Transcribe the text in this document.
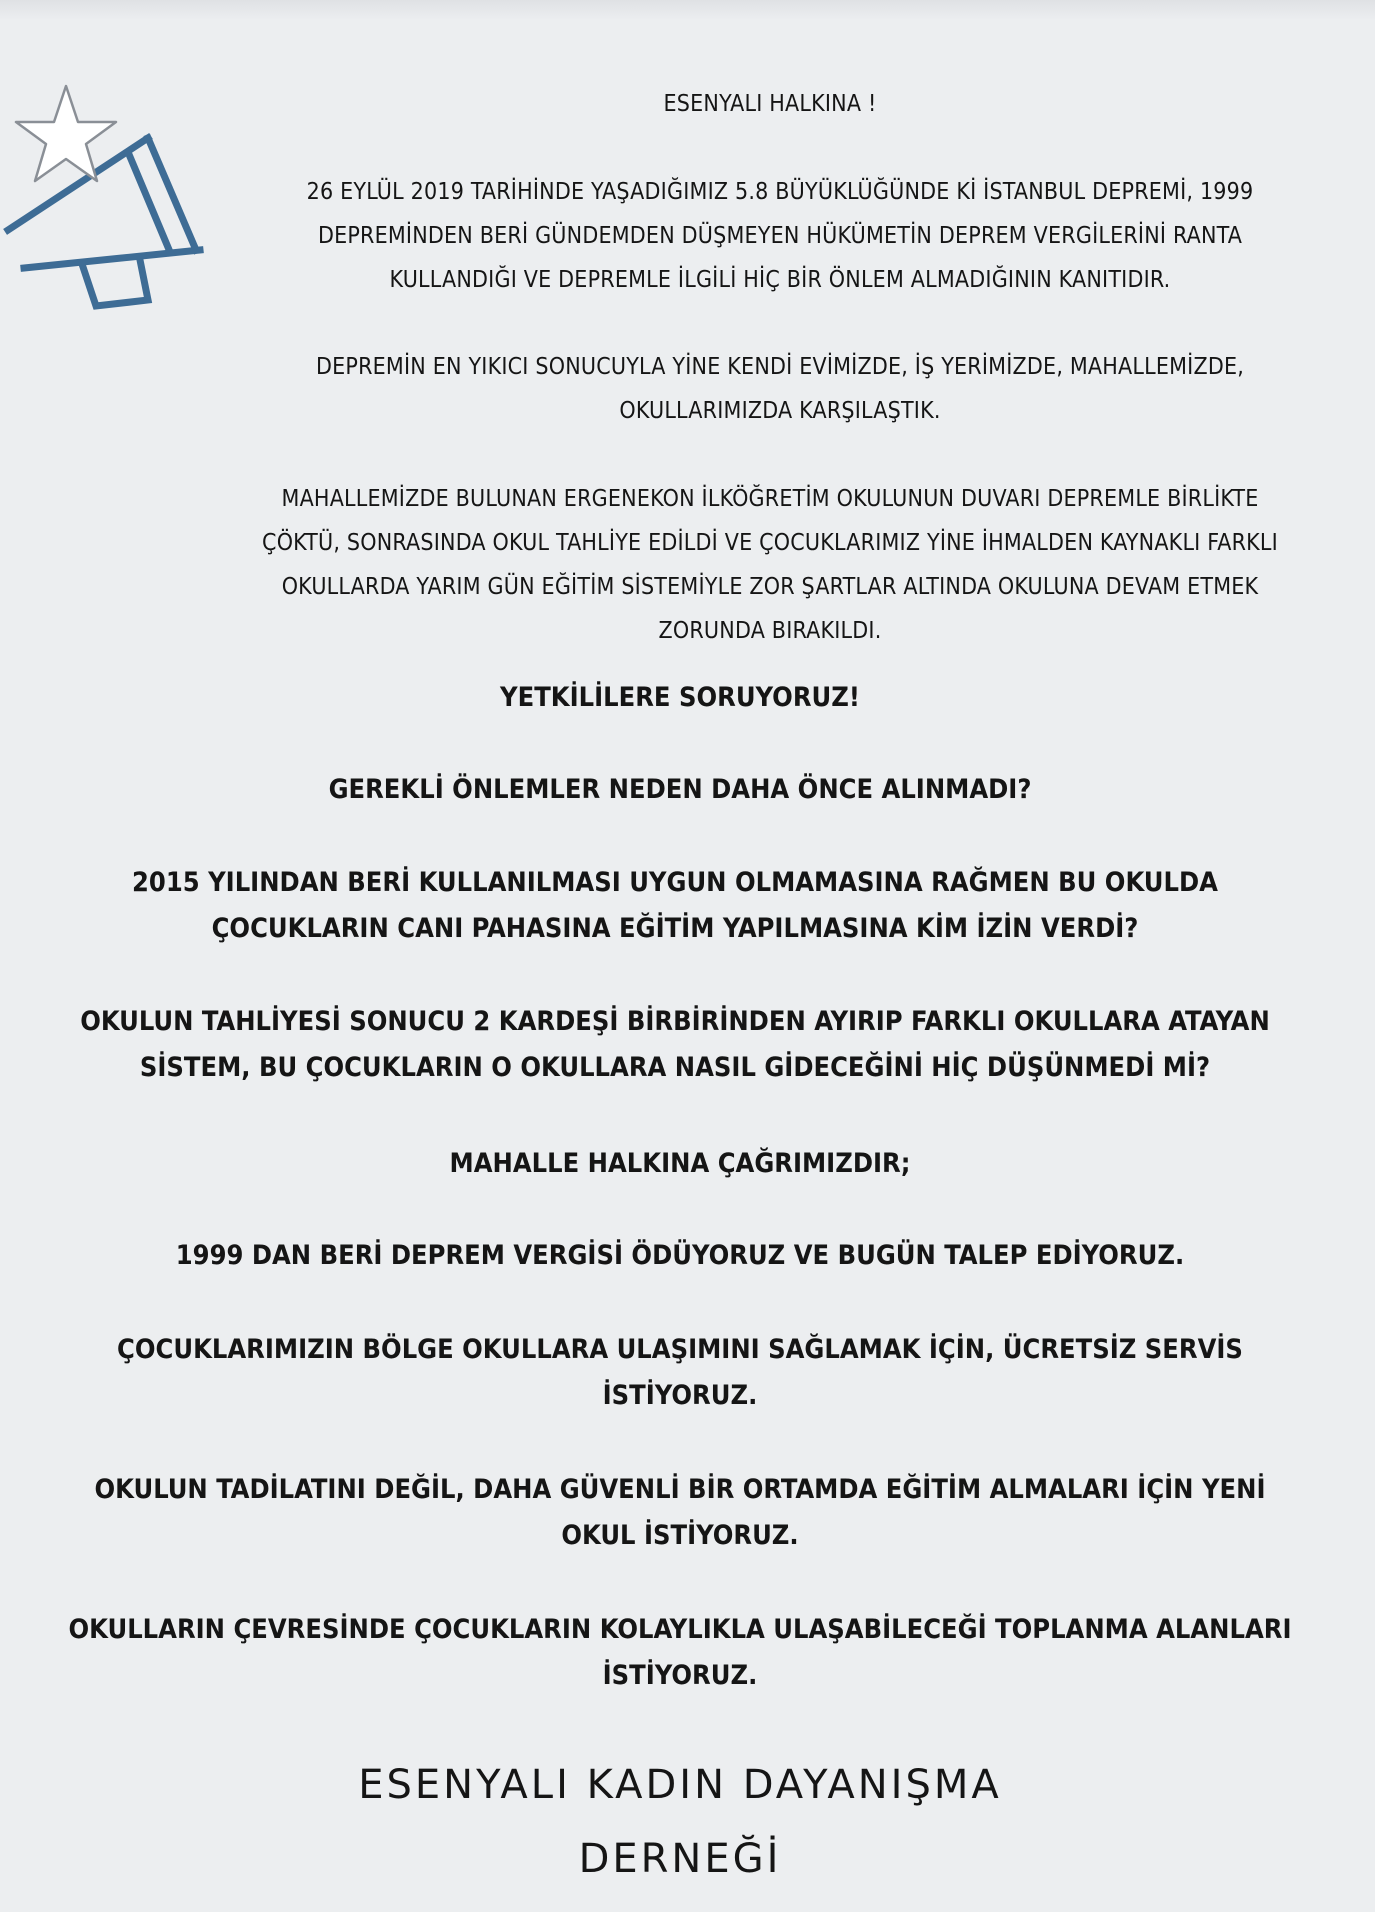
ESENYALI HALKINA !

26 EYLÜL 2019 TARİHİNDE YAŞADIĞIMIZ 5.8 BÜYÜKLÜĞÜNDE Kİ İSTANBUL DEPREMİ, 1999
DEPREMİNDEN BERİ GÜNDEMDEN DÜŞMEYEN HÜKÜMETİN DEPREM VERGİLERİNİ RANTA
KULLANDIĞI VE DEPREMLE İLGİLİ HİÇ BİR ÖNLEM ALMADIĞININ KANITIDIR.

DEPREMİN EN YIKICI SONUCUYLA YİNE KENDİ EVİMİZDE, İŞ YERİMİZDE, MAHALLEMİZDE,
OKULLARIMIZDA KARŞILAŞTIK.

MAHALLEMİZDE BULUNAN ERGENEKON İLKÖĞRETİM OKULUNUN DUVARI DEPREMLE BİRLİKTE
ÇÖKTÜ, SONRASINDA OKUL TAHLİYE EDİLDİ VE ÇOCUKLARIMIZ YİNE İHMALDEN KAYNAKLI FARKLI
OKULLARDA YARIM GÜN EĞİTİM SİSTEMİYLE ZOR ŞARTLAR ALTINDA OKULUNA DEVAM ETMEK
ZORUNDA BIRAKILDI.

YETKİLİLERE SORUYORUZ!

GEREKLİ ÖNLEMLER NEDEN DAHA ÖNCE ALINMADI?

2015 YILINDAN BERİ KULLANILMASI UYGUN OLMAMASINA RAĞMEN BU OKULDA
ÇOCUKLARIN CANI PAHASINA EĞİTİM YAPILMASINA KİM İZİN VERDİ?

OKULUN TAHLİYESİ SONUCU 2 KARDEŞİ BİRBİRİNDEN AYIRIP FARKLI OKULLARA ATAYAN
SİSTEM, BU ÇOCUKLARIN O OKULLARA NASIL GİDECEĞİNİ HİÇ DÜŞÜNMEDİ Mİ?

MAHALLE HALKINA ÇAĞRIMIZDIR;

1999 DAN BERİ DEPREM VERGİSİ ÖDÜYORUZ VE BUGÜN TALEP EDİYORUZ.

ÇOCUKLARIMIZIN BÖLGE OKULLARA ULAŞIMINI SAĞLAMAK İÇİN, ÜCRETSİZ SERVİS
İSTİYORUZ.

OKULUN TADİLATINI DEĞİL, DAHA GÜVENLİ BİR ORTAMDA EĞİTİM ALMALARI İÇİN YENİ
OKUL İSTİYORUZ.

OKULLARIN ÇEVRESİNDE ÇOCUKLARIN KOLAYLIKLA ULAŞABİLECEĞİ TOPLANMA ALANLARI
İSTİYORUZ.

ESENYALI KADIN DAYANIŞMA
DERNEĞİ
